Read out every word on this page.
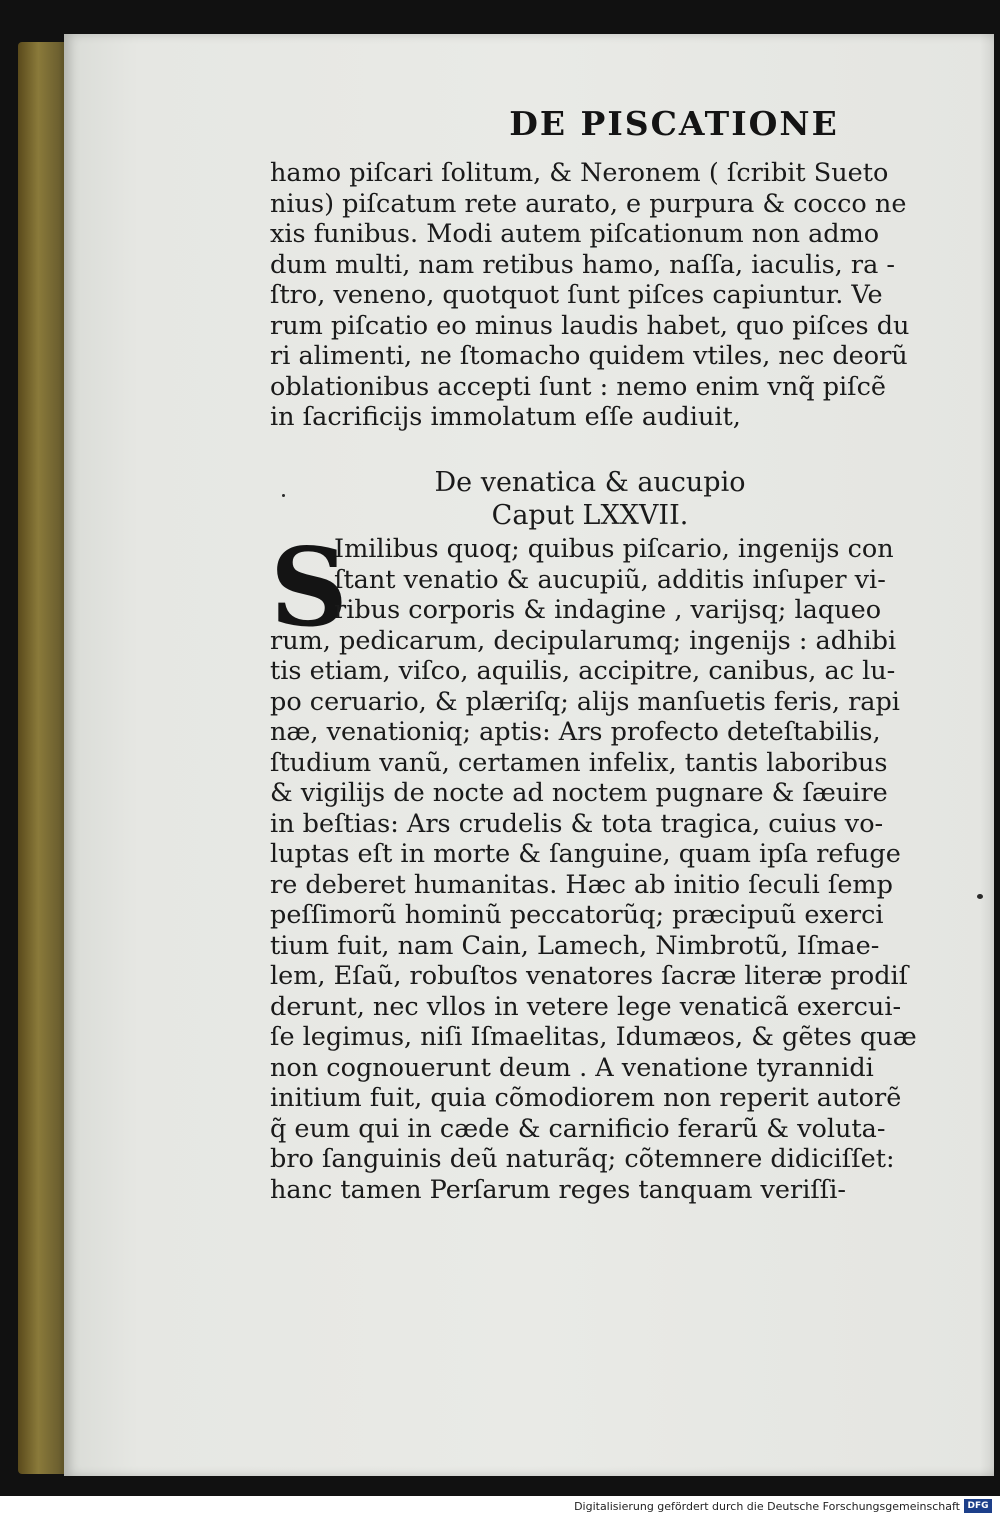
DE PISCATIONE
hamo piſcari ſolitum, & Neronem ( ſcribit Sueto
nius) piſcatum rete aurato, e purpura & cocco ne
xis funibus. Modi autem piſcationum non admo
dum multi, nam retibus hamo, naſſa, iaculis, ra -
ſtro, veneno, quotquot ſunt piſces capiuntur. Ve
rum piſcatio eo minus laudis habet, quo piſces du
ri alimenti, ne ſtomacho quidem vtiles, nec deorũ
oblationibus accepti ſunt : nemo enim vnq̃ piſcẽ
in ſacrificijs immolatum eſſe audiuit,
De venatica & aucupio
Caput LXXVII.
S
Imilibus quoq; quibus piſcario, ingenijs con
ſtant venatio & aucupiũ, additis inſuper vi-
ribus corporis & indagine , varijsq; laqueo
rum, pedicarum, decipularumq; ingenijs : adhibi
tis etiam, viſco, aquilis, accipitre, canibus, ac lu-
po ceruario, & plæriſq; alijs manſuetis feris, rapi
næ, venationiq; aptis: Ars profecto deteſtabilis,
ſtudium vanũ, certamen infelix, tantis laboribus
& vigilijs de nocte ad noctem pugnare & ſæuire
in beſtias: Ars crudelis & tota tragica, cuius vo-
luptas eſt in morte & ſanguine, quam ipſa refuge
re deberet humanitas. Hæc ab initio ſeculi ſemp
peſſimorũ hominũ peccatorũq; præcipuũ exerci
tium fuit, nam Cain, Lamech, Nimbrotũ, Iſmae-
lem, Eſaũ, robuſtos venatores ſacræ literæ prodiſ
derunt, nec vllos in vetere lege venaticã exercui-
ſe legimus, niſi Iſmaelitas, Idumæos, & gẽtes quæ
non cognouerunt deum . A venatione tyrannidi
initium fuit, quia cõmodiorem non reperit autorẽ
q̃ eum qui in cæde & carnificio ferarũ & voluta-
bro ſanguinis deũ naturãq; cõtemnere didiciſſet:
hanc tamen Perſarum reges tanquam veriſſi-
Digitalisierung gefördert durch die Deutsche Forschungsgemeinschaft DFG
